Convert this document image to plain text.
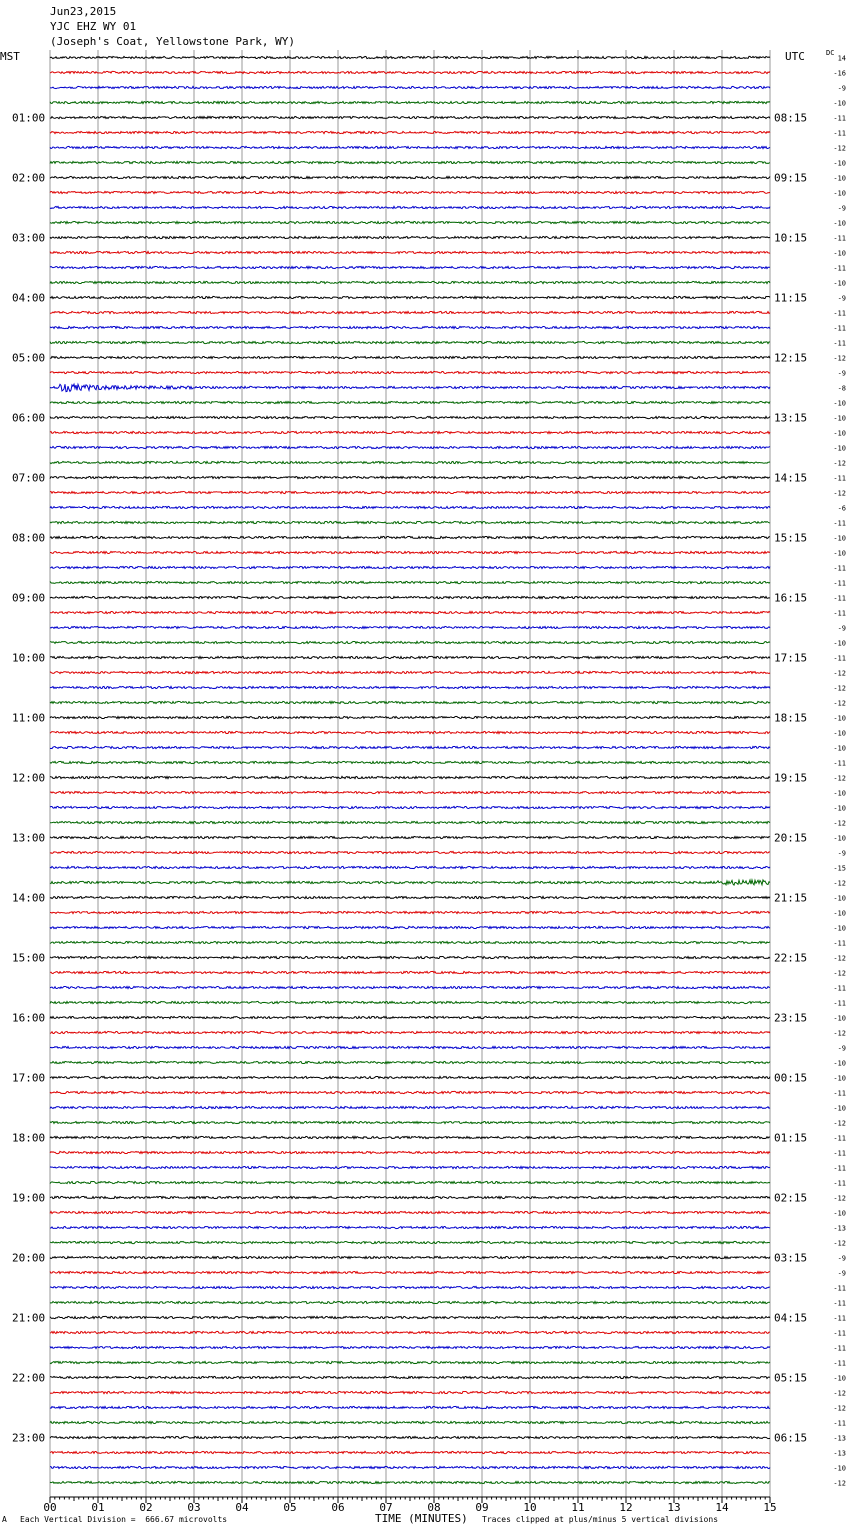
Jun23,2015
YJC EHZ WY 01
(Joseph's Coat, Yellowstone Park, WY)
MST	UTC	DC
00	01	02	03	04	05	06	07	08	09	10	11	12	13	14	15
14
-16
-9
-10
-11
-11
-12
-10
-10
-10
-9
-10
-11
-10
-11
-10
-9
-11
-11
-11
-12
-9
-8
-10
-10
-10
-10
-12
-11
-12
-6
-11
-10
-10
-11
-11
-11
-11
-9
-10
-11
-12
-12
-12
-10
-10
-10
-11
-12
-10
-10
-12
-10
-9
-15
-12
-10
-10
-10
-11
-12
-12
-11
-11
-10
-12
-9
-10
-10
-11
-10
-12
-11
-11
-11
-11
-12
-10
-13
-12
-9
-9
-11
-11
-11
-11
-11
-11
-10
-12
-12
-11
-13
-13
-10
-12
01:00	08:15
02:00	09:15
03:00	10:15
04:00	11:15
05:00	12:15
06:00	13:15
07:00	14:15
08:00	15:15
09:00	16:15
10:00	17:15
11:00	18:15
12:00	19:15
13:00	20:15
14:00	21:15
15:00	22:15
16:00	23:15
17:00	00:15
18:00	01:15
19:00	02:15
20:00	03:15
21:00	04:15
22:00	05:15
23:00	06:15
A Each Vertical Division =  666.67 microvolts	TIME (MINUTES) Traces clipped at plus/minus 5 vertical divisions
